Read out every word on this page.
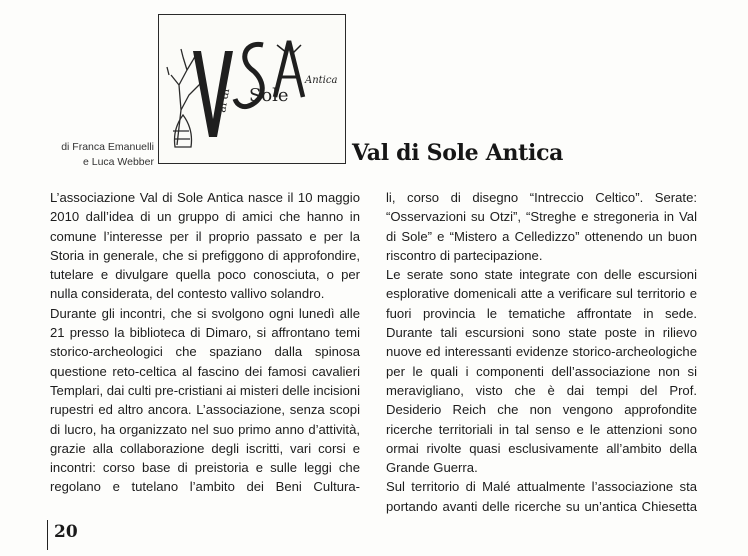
al di Sole
Antica
di Franca Emanuelli
e Luca Webber	Val di Sole Antica

L’associazione Val di Sole Antica nasce il 10 maggio 2010 dall’idea di un gruppo di amici che hanno in comune l’interesse per il proprio passato e per la Storia in generale, che si prefiggono di approfondire, tutelare e divulgare quella poco conosciuta, o per nulla considerata, del contesto vallivo solandro.

Durante gli incontri, che si svolgono ogni lunedì alle 21 presso la biblioteca di Dimaro, si affrontano temi storico-archeologici che spaziano dalla spinosa questione reto-celtica al fascino dei famosi cavalieri Templari, dai culti pre-cristiani ai misteri delle incisioni rupestri ed altro ancora. L’associazione, senza scopi di lucro, ha organizzato nel suo primo anno d’attività, grazie alla collaborazione degli iscritti, vari corsi e incontri: corso base di preistoria e sulle leggi che regolano e tutelano l’ambito dei Beni Cultura-

li, corso di disegno “Intreccio Celtico”. Serate: “Osservazioni su Otzi”, “Streghe e stregoneria in Val di Sole” e “Mistero a Celledizzo” ottenendo un buon riscontro di partecipazione.

Le serate sono state integrate con delle escursioni esplorative domenicali atte a verificare sul territorio e fuori provincia le tematiche affrontate in sede. Durante tali escursioni sono state poste in rilievo nuove ed interessanti evidenze storico-archeologiche per le quali i componenti dell’associazione non si meravigliano, visto che è dai tempi del Prof. Desiderio Reich che non vengono approfondite ricerche territoriali in tal senso e le attenzioni sono ormai rivolte quasi esclusivamente all’ambito della Grande Guerra.

Sul territorio di Malé attualmente l’associazione sta portando avanti delle ricerche su un’antica Chiesetta

20
